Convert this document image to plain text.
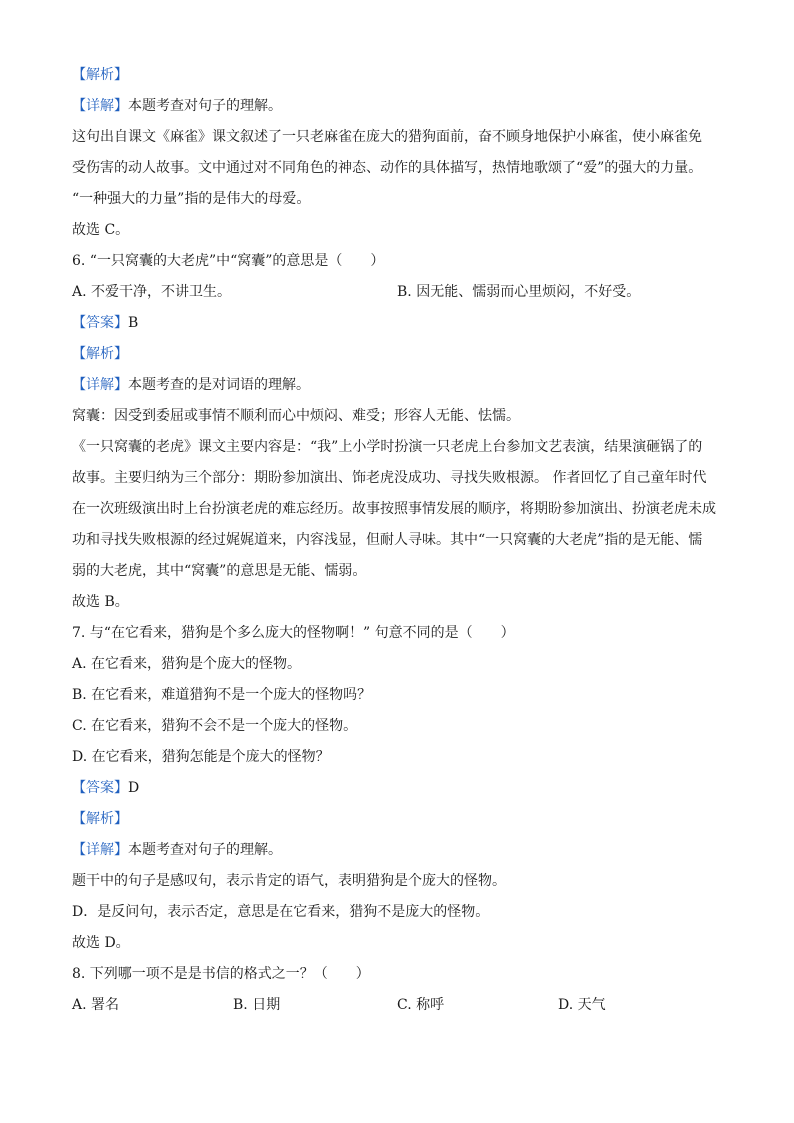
【解析】
【详解】本题考查对句子的理解。
这句出自课文《麻雀》课文叙述了一只老麻雀在庞大的猎狗面前，奋不顾身地保护小麻雀，使小麻雀免
受伤害的动人故事。文中通过对不同角色的神态、动作的具体描写，热情地歌颂了“爱”的强大的力量。
“一种强大的力量”指的是伟大的母爱。
故选 C。
6. “一只窝囊的大老虎”中“窝囊”的意思是（　　）
A. 不爱干净，不讲卫生。	B. 因无能、懦弱而心里烦闷，不好受。
【答案】B
【解析】
【详解】本题考查的是对词语的理解。
窝囊：因受到委屈或事情不顺利而心中烦闷、难受；形容人无能、怯懦。
《一只窝囊的老虎》课文主要内容是：“我”上小学时扮演一只老虎上台参加文艺表演，结果演砸锅了的
故事。主要归纳为三个部分：期盼参加演出、饰老虎没成功、寻找失败根源。 作者回忆了自己童年时代
在一次班级演出时上台扮演老虎的难忘经历。故事按照事情发展的顺序，将期盼参加演出、扮演老虎未成
功和寻找失败根源的经过娓娓道来，内容浅显，但耐人寻味。其中“一只窝囊的大老虎”指的是无能、懦
弱的大老虎，其中“窝囊”的意思是无能、懦弱。
故选 B。
7. 与“在它看来，猎狗是个多么庞大的怪物啊！” 句意不同的是（　　）
A. 在它看来，猎狗是个庞大的怪物。
B. 在它看来，难道猎狗不是一个庞大的怪物吗？
C. 在它看来，猎狗不会不是一个庞大的怪物。
D. 在它看来，猎狗怎能是个庞大的怪物？
【答案】D
【解析】
【详解】本题考查对句子的理解。
题干中的句子是感叹句，表示肯定的语气，表明猎狗是个庞大的怪物。
D．是反问句，表示否定，意思是在它看来，猎狗不是庞大的怪物。
故选 D。
8. 下列哪一项不是是书信的格式之一？（　　）
A. 署名	B. 日期	C. 称呼	D. 天气
